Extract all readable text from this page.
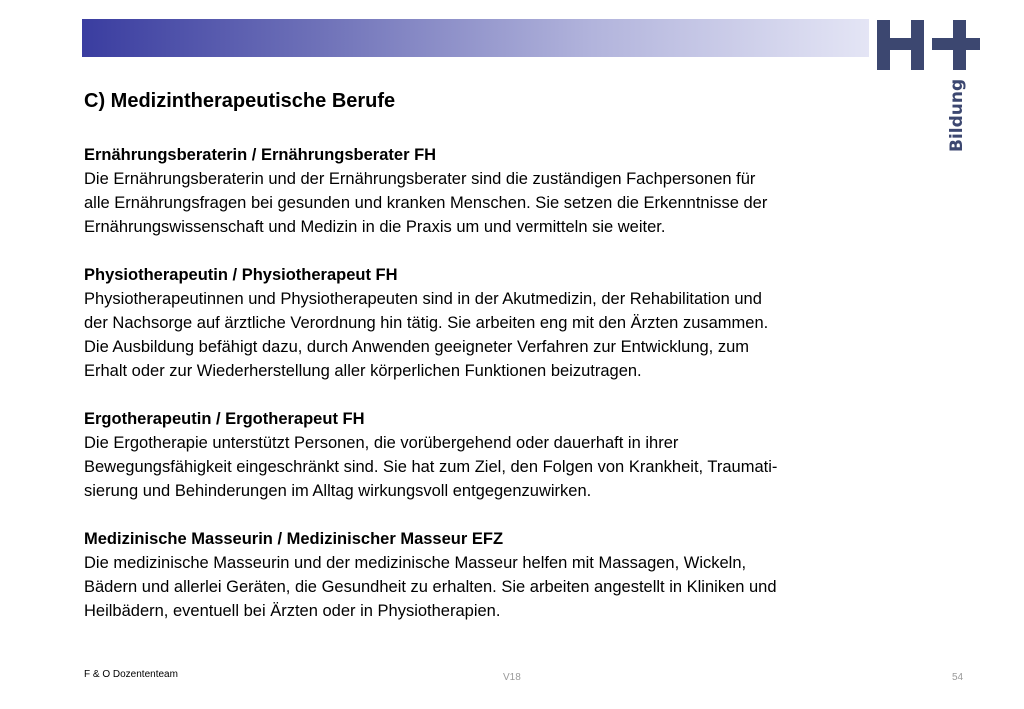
Bildung
C) Medizintherapeutische Berufe

Ernährungsberaterin / Ernährungsberater FH

Die Ernährungsberaterin und der Ernährungsberater sind die zuständigen Fachpersonen für

alle Ernährungsfragen bei gesunden und kranken Menschen. Sie setzen die Erkenntnisse der

Ernährungswissenschaft und Medizin in die Praxis um und vermitteln sie weiter.

Physiotherapeutin / Physiotherapeut FH

Physiotherapeutinnen und Physiotherapeuten sind in der Akutmedizin, der Rehabilitation und

der Nachsorge auf ärztliche Verordnung hin tätig. Sie arbeiten eng mit den Ärzten zusammen.

Die Ausbildung befähigt dazu, durch Anwenden geeigneter Verfahren zur Entwicklung, zum

Erhalt oder zur Wiederherstellung aller körperlichen Funktionen beizutragen.

Ergotherapeutin / Ergotherapeut FH

Die Ergotherapie unterstützt Personen, die vorübergehend oder dauerhaft in ihrer

Bewegungsfähigkeit eingeschränkt sind. Sie hat zum Ziel, den Folgen von Krankheit, Traumati-

sierung und Behinderungen im Alltag wirkungsvoll entgegenzuwirken.

Medizinische Masseurin / Medizinischer Masseur EFZ

Die medizinische Masseurin und der medizinische Masseur helfen mit Massagen, Wickeln,

Bädern und allerlei Geräten, die Gesundheit zu erhalten. Sie arbeiten angestellt in Kliniken und

Heilbädern, eventuell bei Ärzten oder in Physiotherapien.

F & O Dozententeam	V18	54
